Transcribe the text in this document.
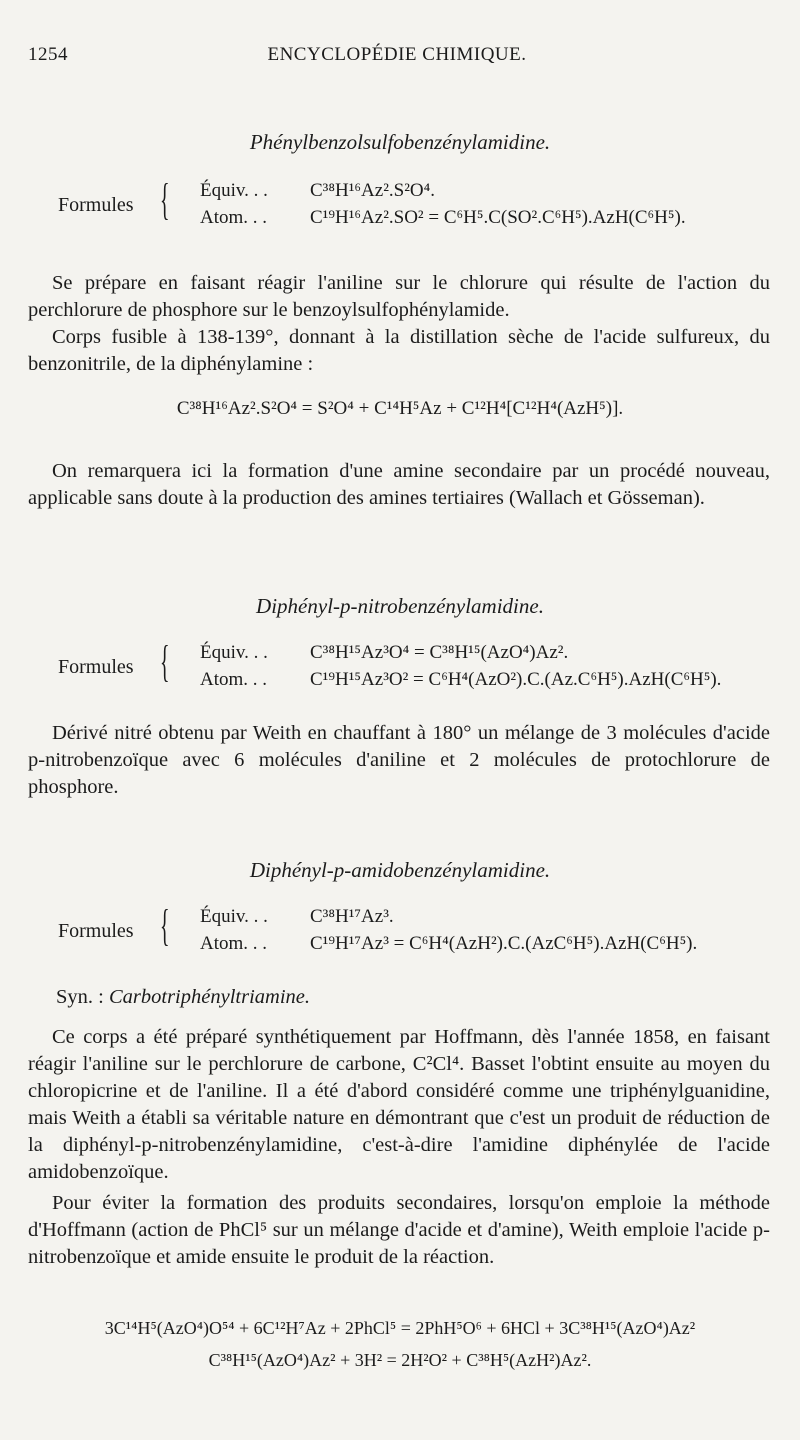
1254	ENCYCLOPÉDIE CHIMIQUE.
Phénylbenzolsulfobenzénylamidine.
Formules { Équiv. . . C³⁸H¹⁶Az².S²O⁴.
Atom. . . C¹⁹H¹⁶Az².SO² = C⁶H⁵.C(SO².C⁶H⁵).AzH(C⁶H⁵).
Se prépare en faisant réagir l'aniline sur le chlorure qui résulte de l'action du perchlorure de phosphore sur le benzoylsulfophénylamide.
Corps fusible à 138-139°, donnant à la distillation sèche de l'acide sulfureux, du benzonitrile, de la diphénylamine :
C³⁸H¹⁶Az².S²O⁴ = S²O⁴ + C¹⁴H⁵Az + C¹²H⁴[C¹²H⁴(AzH⁵)].
On remarquera ici la formation d'une amine secondaire par un procédé nouveau, applicable sans doute à la production des amines tertiaires (Wallach et Gösseman).
Diphényl-p-nitrobenzénylamidine.
Formules { Équiv. . . C³⁸H¹⁵Az³O⁴ = C³⁸H¹⁵(AzO⁴)Az².
Atom. . . C¹⁹H¹⁵Az³O² = C⁶H⁴(AzO²).C.(Az.C⁶H⁵).AzH(C⁶H⁵).
Dérivé nitré obtenu par Weith en chauffant à 180° un mélange de 3 molécules d'acide p-nitrobenzoïque avec 6 molécules d'aniline et 2 molécules de protochlorure de phosphore.
Diphényl-p-amidobenzénylamidine.
Formules { Équiv. . . C³⁸H¹⁷Az³.
Atom. . . C¹⁹H¹⁷Az³ = C⁶H⁴(AzH²).C.(AzC⁶H⁵).AzH(C⁶H⁵).
Syn. : Carbotriphényltriamine.
Ce corps a été préparé synthétiquement par Hoffmann, dès l'année 1858, en faisant réagir l'aniline sur le perchlorure de carbone, C²Cl⁴. Basset l'obtint ensuite au moyen du chloropicrine et de l'aniline. Il a été d'abord considéré comme une triphénylguanidine, mais Weith a établi sa véritable nature en démontrant que c'est un produit de réduction de la diphényl-p-nitrobenzénylamidine, c'est-à-dire l'amidine diphénylée de l'acide amidobenzoïque.
Pour éviter la formation des produits secondaires, lorsqu'on emploie la méthode d'Hoffmann (action de PhCl⁵ sur un mélange d'acide et d'amine), Weith emploie l'acide p-nitrobenzoïque et amide ensuite le produit de la réaction.
3C¹⁴H⁵(AzO⁴)O⁵⁴ + 6C¹²H⁷Az + 2PhCl⁵ = 2PhH⁵O⁶ + 6HCl + 3C³⁸H¹⁵(AzO⁴)Az²
C³⁸H¹⁵(AzO⁴)Az² + 3H² = 2H²O² + C³⁸H⁵(AzH²)Az².
